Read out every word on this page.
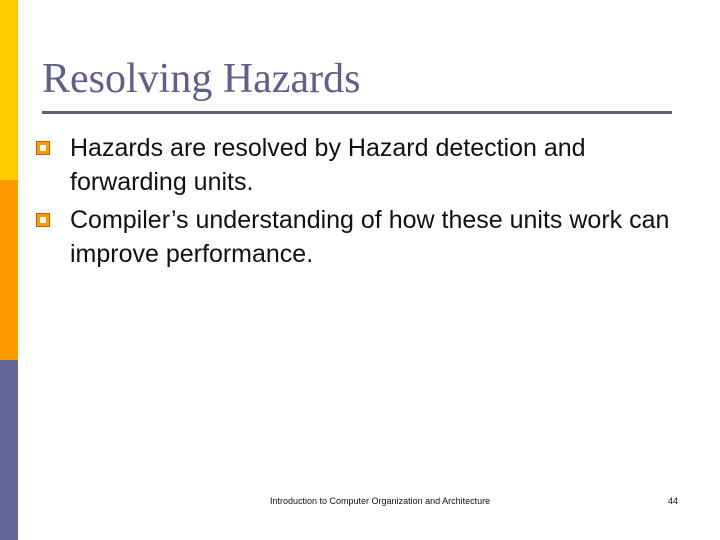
Resolving Hazards
Hazards are resolved by Hazard detection and forwarding units.
Compiler’s understanding of how these units work can improve performance.
Introduction to Computer Organization and Architecture	44
